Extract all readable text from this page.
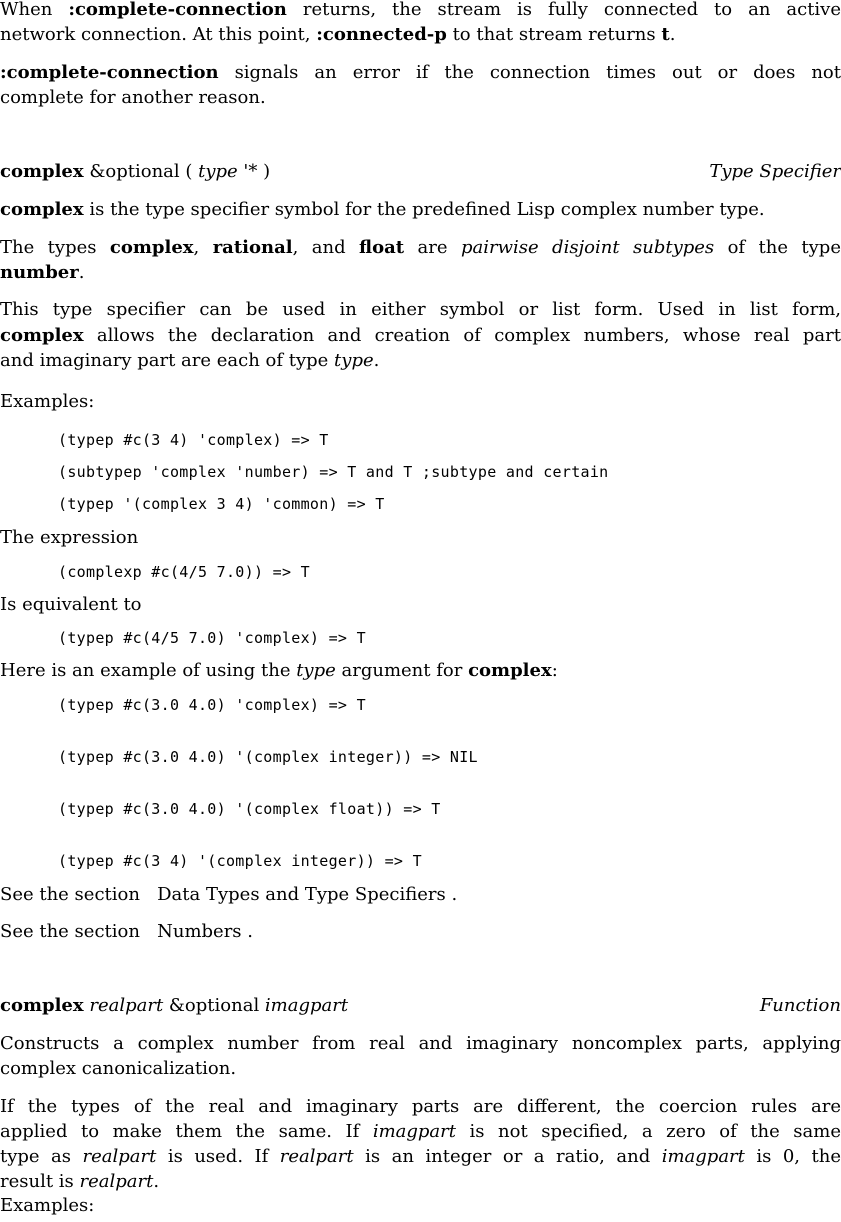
When :complete-connection returns, the stream is fully connected to an active
network connection. At this point, :connected-p to that stream returns t.
:complete-connection signals an error if the connection times out or does not
complete for another reason.
complex &optional ( type '* )	Type Specifier
complex is the type specifier symbol for the predefined Lisp complex number type.
The types complex, rational, and float are pairwise disjoint subtypes of the type
number.
This type specifier can be used in either symbol or list form. Used in list form,
complex allows the declaration and creation of complex numbers, whose real part
and imaginary part are each of type type.
Examples:
(typep #c(3 4) 'complex) => T
(subtypep 'complex 'number) => T and T ;subtype and certain
(typep '(complex 3 4) 'common) => T
The expression
(complexp #c(4/5 7.0)) => T
Is equivalent to
(typep #c(4/5 7.0) 'complex) => T
Here is an example of using the type argument for complex:
(typep #c(3.0 4.0) 'complex) => T
(typep #c(3.0 4.0) '(complex integer)) => NIL
(typep #c(3.0 4.0) '(complex float)) => T
(typep #c(3 4) '(complex integer)) => T
See the section   Data Types and Type Specifiers .
See the section   Numbers .
complex realpart &optional imagpart	Function
Constructs a complex number from real and imaginary noncomplex parts, applying
complex canonicalization.
If the types of the real and imaginary parts are different, the coercion rules are
applied to make them the same. If imagpart is not specified, a zero of the same
type as realpart is used. If realpart is an integer or a ratio, and imagpart is 0, the
result is realpart.
Examples:
